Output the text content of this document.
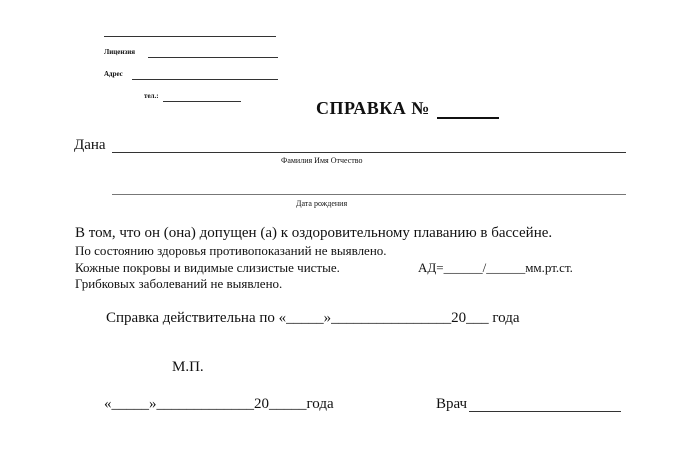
Лицензия
Адрес
тел.:
СПРАВКА №
Дана
Фамилия Имя Отчество
Дата рождения
В том, что он (она) допущен (а) к оздоровительному плаванию в бассейне.
По состоянию здоровья противопоказаний не выявлено.
Кожные покровы и видимые слизистые чистые.	АД=______/______мм.рт.ст.
Грибковых заболеваний не выявлено.
Справка действительна по «_____»________________20___ года
М.П.
«_____»_____________20_____года	Врач
